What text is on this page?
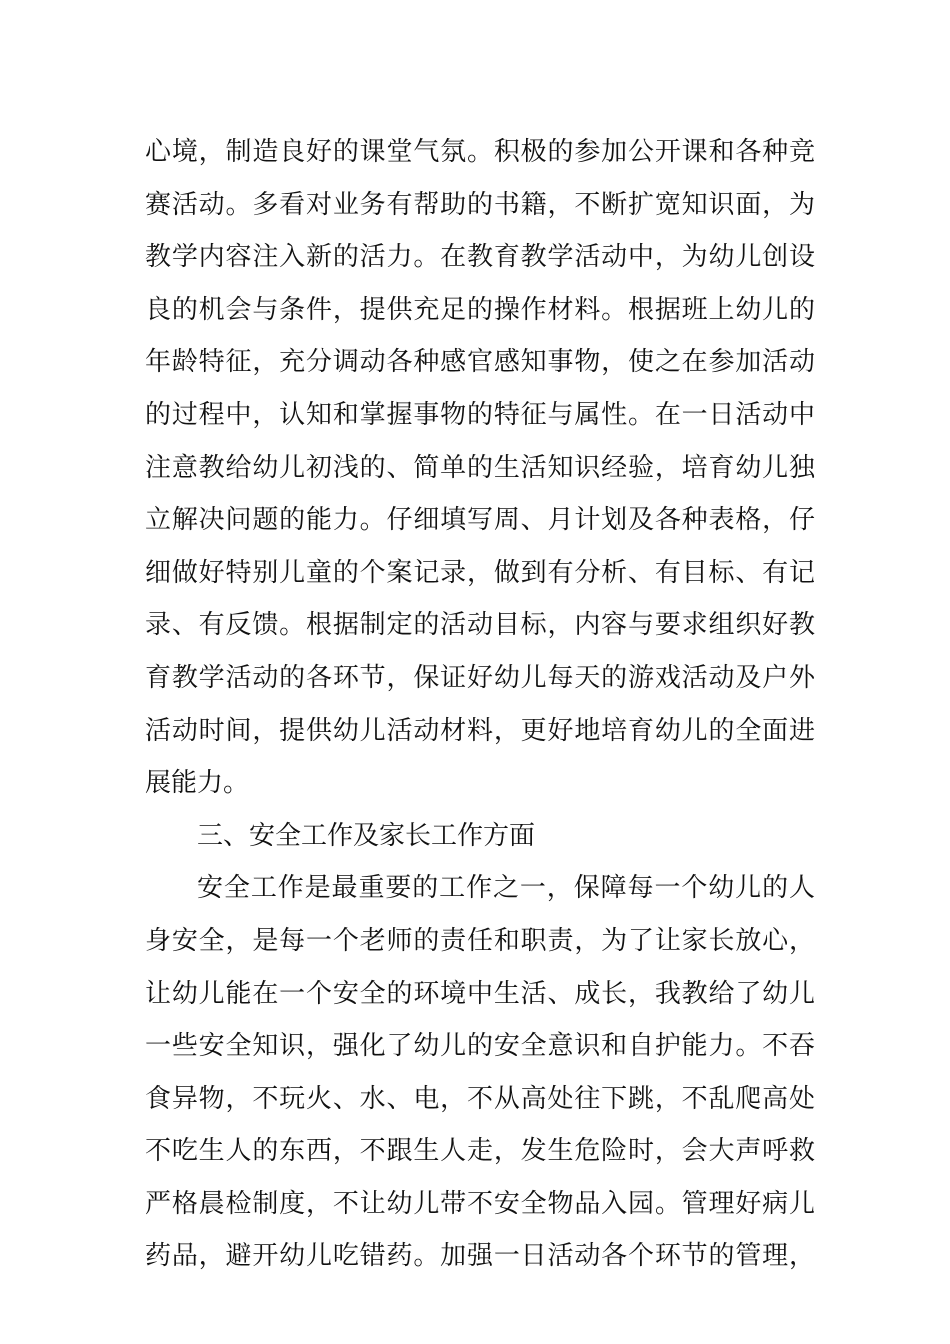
心境，制造良好的课堂气氛。积极的参加公开课和各种竞
赛活动。多看对业务有帮助的书籍，不断扩宽知识面，为
教学内容注入新的活力。在教育教学活动中，为幼儿创设
良的机会与条件，提供充足的操作材料。根据班上幼儿的
年龄特征，充分调动各种感官感知事物，使之在参加活动
的过程中，认知和掌握事物的特征与属性。在一日活动中
注意教给幼儿初浅的、简单的生活知识经验，培育幼儿独
立解决问题的能力。仔细填写周、月计划及各种表格，仔
细做好特别儿童的个案记录，做到有分析、有目标、有记
录、有反馈。根据制定的活动目标，内容与要求组织好教
育教学活动的各环节，保证好幼儿每天的游戏活动及户外
活动时间，提供幼儿活动材料，更好地培育幼儿的全面进
展能力。
三、安全工作及家长工作方面
安全工作是最重要的工作之一，保障每一个幼儿的人
身安全，是每一个老师的责任和职责，为了让家长放心，
让幼儿能在一个安全的环境中生活、成长，我教给了幼儿
一些安全知识，强化了幼儿的安全意识和自护能力。不吞
食异物，不玩火、水、电，不从高处往下跳，不乱爬高处
不吃生人的东西，不跟生人走，发生危险时，会大声呼救
严格晨检制度，不让幼儿带不安全物品入园。管理好病儿
药品，避开幼儿吃错药。加强一日活动各个环节的管理，
